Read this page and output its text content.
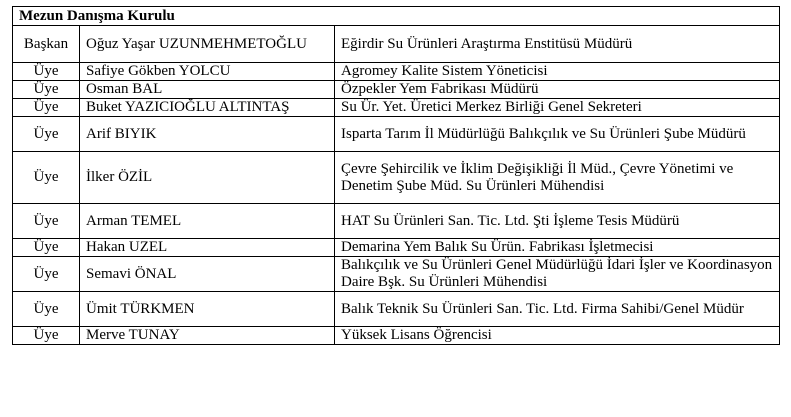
Mezun Danışma Kurulu		
Başkan	Oğuz Yaşar UZUNMEHMETOĞLU	Eğirdir Su Ürünleri Araştırma Enstitüsü Müdürü
Üye	Safiye Gökben YOLCU	Agromey Kalite Sistem Yöneticisi
Üye	Osman BAL	Özpekler Yem Fabrikası Müdürü
Üye	Buket YAZICIOĞLU ALTINTAŞ	Su Ür. Yet. Üretici Merkez Birliği Genel Sekreteri
Üye	Arif BIYIK	Isparta Tarım İl Müdürlüğü Balıkçılık ve Su Ürünleri Şube Müdürü
Üye	İlker ÖZİL	Çevre Şehircilik ve İklim Değişikliği İl Müd., Çevre Yönetimi ve Denetim Şube Müd. Su Ürünleri Mühendisi
Üye	Arman TEMEL	HAT Su Ürünleri San. Tic. Ltd. Şti İşleme Tesis Müdürü
Üye	Hakan UZEL	Demarina Yem Balık Su Ürün. Fabrikası İşletmecisi
Üye	Semavi ÖNAL	Balıkçılık ve Su Ürünleri Genel Müdürlüğü İdari İşler ve Koordinasyon Daire Bşk. Su Ürünleri Mühendisi
Üye	Ümit TÜRKMEN	Balık Teknik Su Ürünleri San. Tic. Ltd. Firma Sahibi/Genel Müdür
Üye	Merve TUNAY	Yüksek Lisans Öğrencisi
